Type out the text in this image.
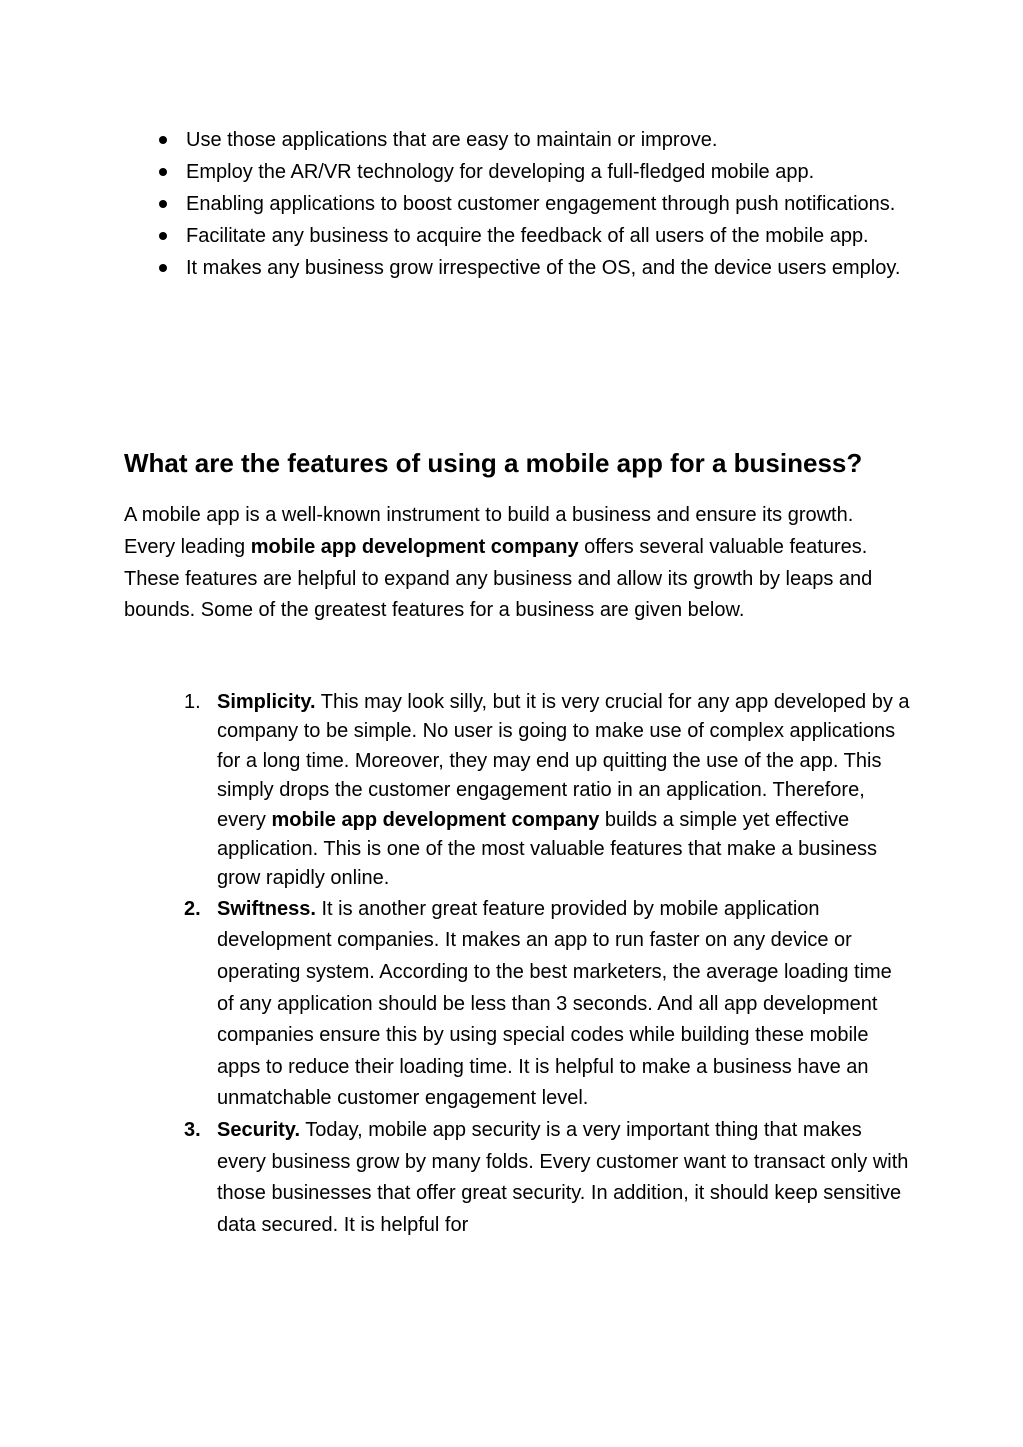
Use those applications that are easy to maintain or improve.
Employ the AR/VR technology for developing a full-fledged mobile app.
Enabling applications to boost customer engagement through push notifications.
Facilitate any business to acquire the feedback of all users of the mobile app.
It makes any business grow irrespective of the OS, and the device users employ.
What are the features of using a mobile app for a business?

A mobile app is a well-known instrument to build a business and ensure its growth. Every leading mobile app development company offers several valuable features. These features are helpful to expand any business and allow its growth by leaps and bounds. Some of the greatest features for a business are given below.

1. Simplicity. This may look silly, but it is very crucial for any app developed by a company to be simple. No user is going to make use of complex applications for a long time. Moreover, they may end up quitting the use of the app. This simply drops the customer engagement ratio in an application. Therefore, every mobile app development company builds a simple yet effective application. This is one of the most valuable features that make a business grow rapidly online.
2. Swiftness. It is another great feature provided by mobile application development companies. It makes an app to run faster on any device or operating system. According to the best marketers, the average loading time of any application should be less than 3 seconds. And all app development companies ensure this by using special codes while building these mobile apps to reduce their loading time. It is helpful to make a business have an unmatchable customer engagement level.
3. Security. Today, mobile app security is a very important thing that makes every business grow by many folds. Every customer want to transact only with those businesses that offer great security. In addition, it should keep sensitive data secured. It is helpful for
